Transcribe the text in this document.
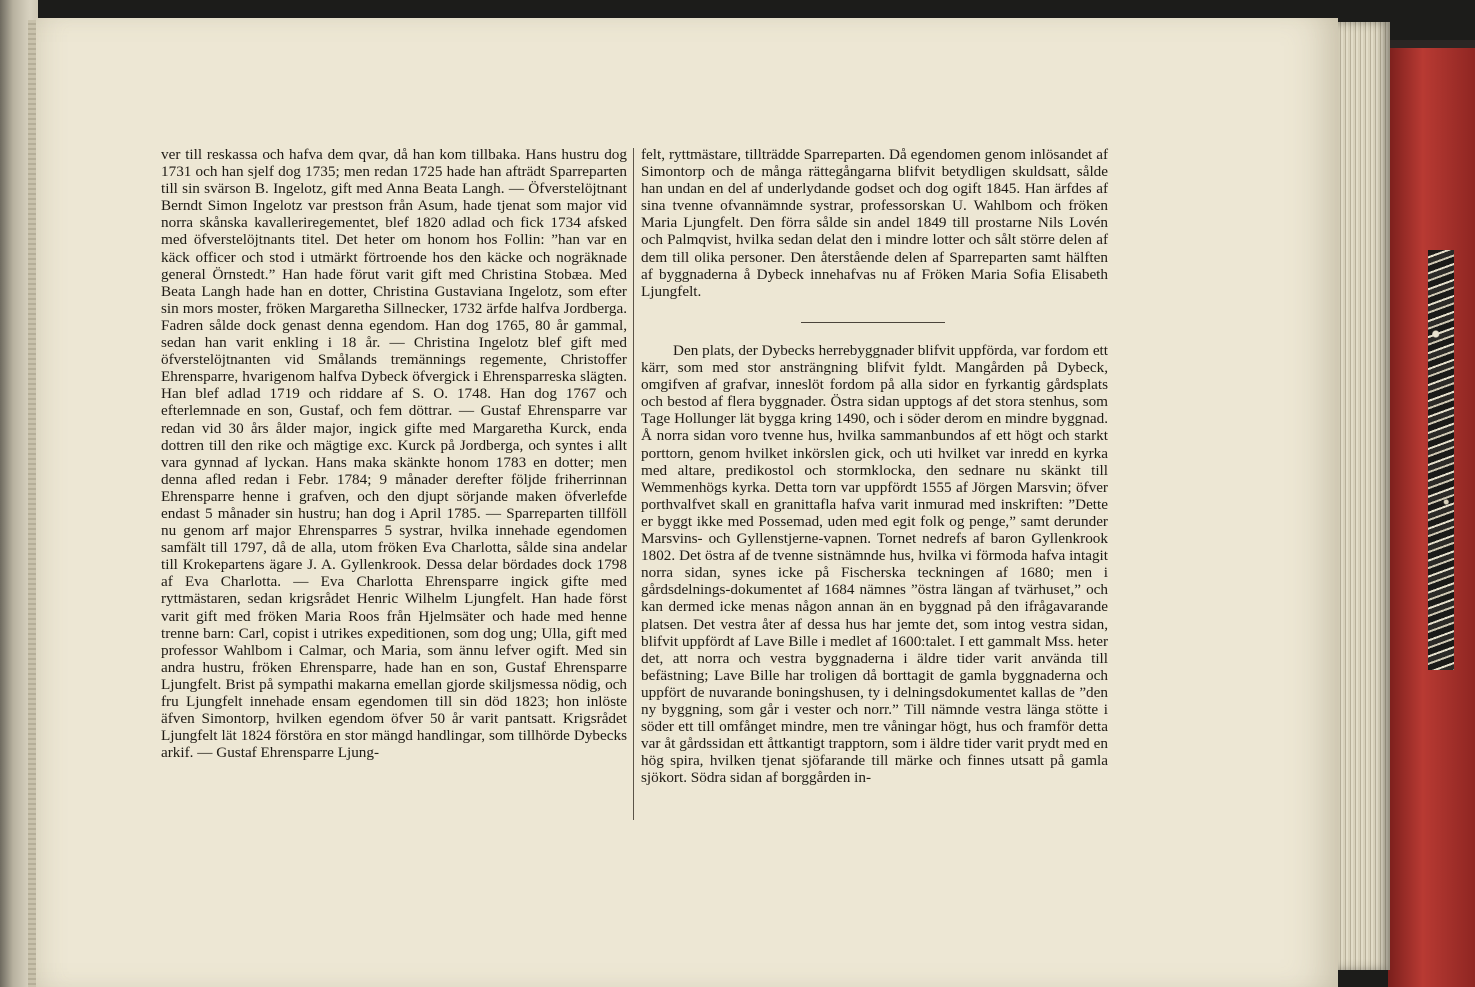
ver till reskassa och hafva dem qvar, då han kom tillbaka. Hans hustru dog 1731 och han sjelf dog 1735; men redan 1725 hade han afträdt Sparreparten till sin svärson B. Ingelotz, gift med Anna Beata Langh. — Öfverstelöjtnant Berndt Simon Ingelotz var prestson från Asum, hade tjenat som major vid norra skånska kavalleriregementet, blef 1820 adlad och fick 1734 afsked med öfverstelöjtnants titel. Det heter om honom hos Follin: ”han var en käck officer och stod i utmärkt förtroende hos den käcke och nogräknade general Örnstedt.” Han hade förut varit gift med Christina Stobæa. Med Beata Langh hade han en dotter, Christina Gustaviana Ingelotz, som efter sin mors moster, fröken Margaretha Sillnecker, 1732 ärfde halfva Jordberga. Fadren sålde dock genast denna egendom. Han dog 1765, 80 år gammal, sedan han varit enkling i 18 år. — Christina Ingelotz blef gift med öfverstelöjtnanten vid Smålands tremännings regemente, Christoffer Ehrensparre, hvarigenom halfva Dybeck öfvergick i Ehrensparreska slägten. Han blef adlad 1719 och riddare af S. O. 1748. Han dog 1767 och efterlemnade en son, Gustaf, och fem döttrar. — Gustaf Ehrensparre var redan vid 30 års ålder major, ingick gifte med Margaretha Kurck, enda dottren till den rike och mägtige exc. Kurck på Jordberga, och syntes i allt vara gynnad af lyckan. Hans maka skänkte honom 1783 en dotter; men denna afled redan i Febr. 1784; 9 månader derefter följde friherrinnan Ehrensparre henne i grafven, och den djupt sörjande maken öfverlefde endast 5 månader sin hustru; han dog i April 1785. — Sparreparten tillföll nu genom arf major Ehrensparres 5 systrar, hvilka innehade egendomen samfält till 1797, då de alla, utom fröken Eva Charlotta, sålde sina andelar till Krokepartens ägare J. A. Gyllenkrook. Dessa delar bördades dock 1798 af Eva Charlotta. — Eva Charlotta Ehrensparre ingick gifte med ryttmästaren, sedan krigsrådet Henric Wilhelm Ljungfelt. Han hade först varit gift med fröken Maria Roos från Hjelmsäter och hade med henne trenne barn: Carl, copist i utrikes expeditionen, som dog ung; Ulla, gift med professor Wahlbom i Calmar, och Maria, som ännu lefver ogift. Med sin andra hustru, fröken Ehrensparre, hade han en son, Gustaf Ehrensparre Ljungfelt. Brist på sympathi makarna emellan gjorde skiljsmessa nödig, och fru Ljungfelt innehade ensam egendomen till sin död 1823; hon inlöste äfven Simontorp, hvilken egendom öfver 50 år varit pantsatt. Krigsrådet Ljungfelt lät 1824 förstöra en stor mängd handlingar, som tillhörde Dybecks arkif. — Gustaf Ehrensparre Ljung-

felt, ryttmästare, tillträdde Sparreparten. Då egendomen genom inlösandet af Simontorp och de många rättegångarna blifvit betydligen skuldsatt, sålde han undan en del af underlydande godset och dog ogift 1845. Han ärfdes af sina tvenne ofvannämnde systrar, professorskan U. Wahlbom och fröken Maria Ljungfelt. Den förra sålde sin andel 1849 till prostarne Nils Lovén och Palmqvist, hvilka sedan delat den i mindre lotter och sålt större delen af dem till olika personer. Den återstående delen af Sparreparten samt hälften af byggnaderna å Dybeck innehafvas nu af Fröken Maria Sofia Elisabeth Ljungfelt.

Den plats, der Dybecks herrebyggnader blifvit uppförda, var fordom ett kärr, som med stor ansträngning blifvit fyldt. Mangården på Dybeck, omgifven af grafvar, inneslöt fordom på alla sidor en fyrkantig gårdsplats och bestod af flera byggnader. Östra sidan upptogs af det stora stenhus, som Tage Hollunger lät bygga kring 1490, och i söder derom en mindre byggnad. Å norra sidan voro tvenne hus, hvilka sammanbundos af ett högt och starkt porttorn, genom hvilket inkörslen gick, och uti hvilket var inredd en kyrka med altare, predikostol och stormklocka, den sednare nu skänkt till Wemmenhögs kyrka. Detta torn var uppfördt 1555 af Jörgen Marsvin; öfver porthvalfvet skall en granittafla hafva varit inmurad med inskriften: ”Dette er byggt ikke med Possemad, uden med egit folk og penge,” samt derunder Marsvins- och Gyllenstjerne-vapnen. Tornet nedrefs af baron Gyllenkrook 1802. Det östra af de tvenne sistnämnde hus, hvilka vi förmoda hafva intagit norra sidan, synes icke på Fischerska teckningen af 1680; men i gårdsdelnings-dokumentet af 1684 nämnes ”östra längan af tvärhuset,” och kan dermed icke menas någon annan än en byggnad på den ifrågavarande platsen. Det vestra åter af dessa hus har jemte det, som intog vestra sidan, blifvit uppfördt af Lave Bille i medlet af 1600:talet. I ett gammalt Mss. heter det, att norra och vestra byggnaderna i äldre tider varit använda till befästning; Lave Bille har troligen då borttagit de gamla byggnaderna och uppfört de nuvarande boningshusen, ty i delningsdokumentet kallas de ”den ny byggning, som går i vester och norr.” Till nämnde vestra länga stötte i söder ett till omfånget mindre, men tre våningar högt, hus och framför detta var åt gårdssidan ett åttkantigt trapptorn, som i äldre tider varit prydt med en hög spira, hvilken tjenat sjöfarande till märke och finnes utsatt på gamla sjökort. Södra sidan af borggården in-
